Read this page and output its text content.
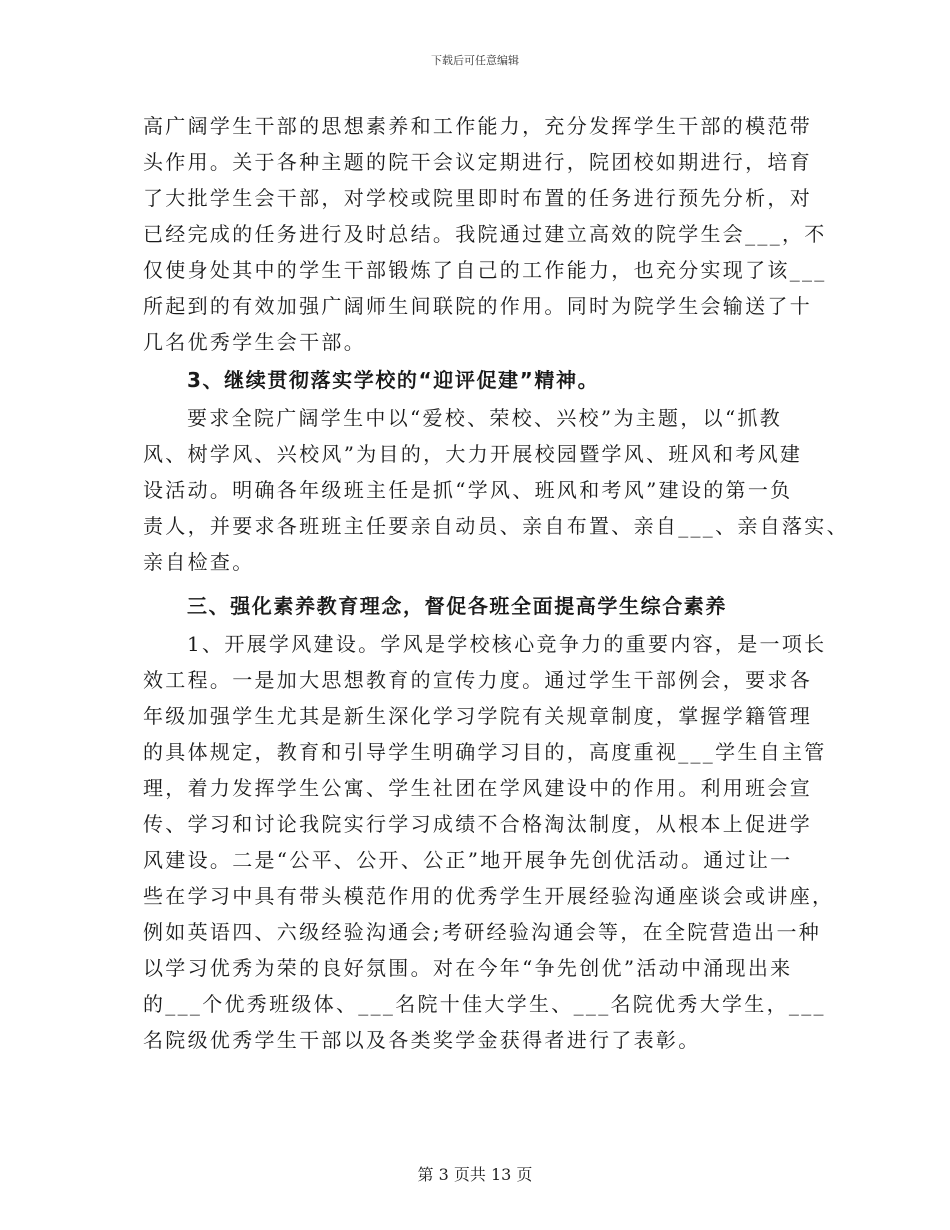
下载后可任意编辑
高广阔学生干部的思想素养和工作能力，充分发挥学生干部的模范带
头作用。关于各种主题的院干会议定期进行，院团校如期进行，培育
了大批学生会干部，对学校或院里即时布置的任务进行预先分析，对
已经完成的任务进行及时总结。我院通过建立高效的院学生会___，不
仅使身处其中的学生干部锻炼了自己的工作能力，也充分实现了该___
所起到的有效加强广阔师生间联院的作用。同时为院学生会输送了十
几名优秀学生会干部。
3、继续贯彻落实学校的“迎评促建”精神。
要求全院广阔学生中以“爱校、荣校、兴校”为主题，以“抓教
风、树学风、兴校风”为目的，大力开展校园暨学风、班风和考风建
设活动。明确各年级班主任是抓“学风、班风和考风”建设的第一负
责人，并要求各班班主任要亲自动员、亲自布置、亲自___、亲自落实、
亲自检查。
三、强化素养教育理念，督促各班全面提高学生综合素养
1、开展学风建设。学风是学校核心竞争力的重要内容，是一项长
效工程。一是加大思想教育的宣传力度。通过学生干部例会，要求各
年级加强学生尤其是新生深化学习学院有关规章制度，掌握学籍管理
的具体规定，教育和引导学生明确学习目的，高度重视___学生自主管
理，着力发挥学生公寓、学生社团在学风建设中的作用。利用班会宣
传、学习和讨论我院实行学习成绩不合格淘汰制度，从根本上促进学
风建设。二是“公平、公开、公正”地开展争先创优活动。通过让一
些在学习中具有带头模范作用的优秀学生开展经验沟通座谈会或讲座，
例如英语四、六级经验沟通会;考研经验沟通会等，在全院营造出一种
以学习优秀为荣的良好氛围。对在今年“争先创优”活动中涌现出来
的___个优秀班级体、___名院十佳大学生、___名院优秀大学生，___
名院级优秀学生干部以及各类奖学金获得者进行了表彰。
第 3 页共 13 页
